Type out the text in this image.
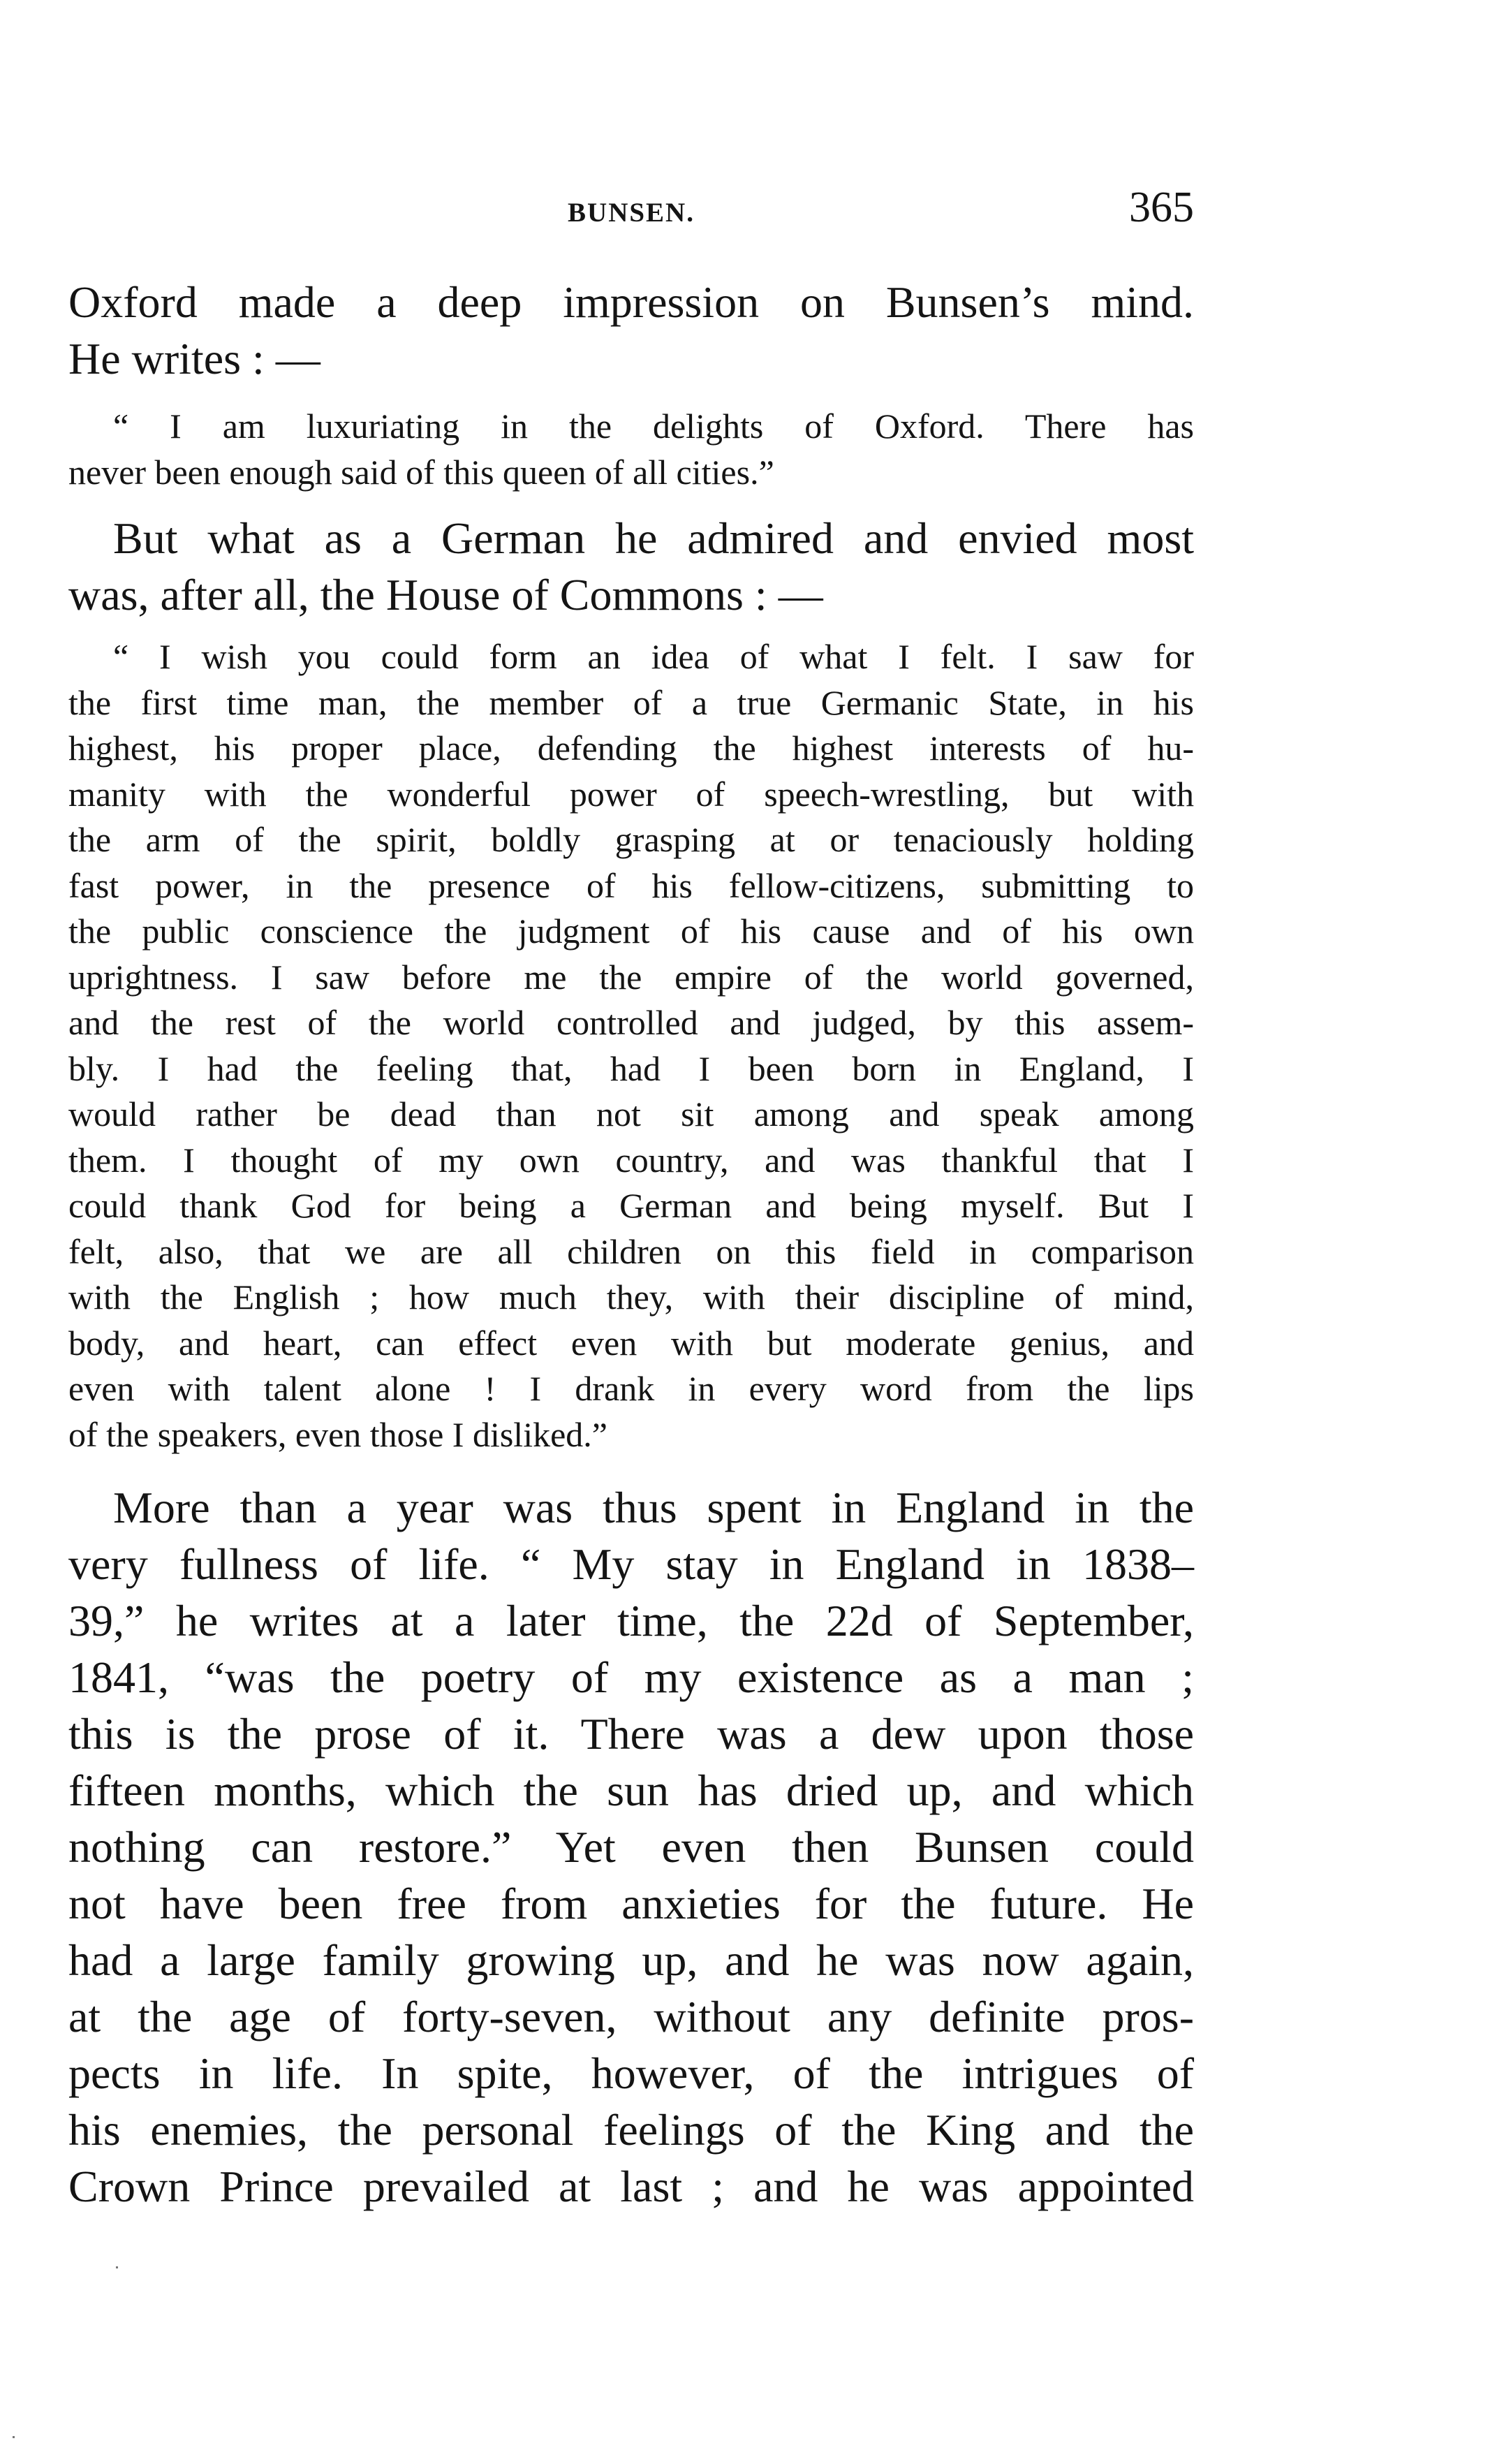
BUNSEN.	365
Oxford made a deep impression on Bunsen’s mind.
He writes : —
“ I am luxuriating in the delights of Oxford. There has
never been enough said of this queen of all cities.”
But what as a German he admired and envied most
was, after all, the House of Commons : —
“ I wish you could form an idea of what I felt. I saw for
the first time man, the member of a true Germanic State, in his
highest, his proper place, defending the highest interests of hu-
manity with the wonderful power of speech-wrestling, but with
the arm of the spirit, boldly grasping at or tenaciously holding
fast power, in the presence of his fellow-citizens, submitting to
the public conscience the judgment of his cause and of his own
uprightness. I saw before me the empire of the world governed,
and the rest of the world controlled and judged, by this assem-
bly. I had the feeling that, had I been born in England, I
would rather be dead than not sit among and speak among
them. I thought of my own country, and was thankful that I
could thank God for being a German and being myself. But I
felt, also, that we are all children on this field in comparison
with the English ; how much they, with their discipline of mind,
body, and heart, can effect even with but moderate genius, and
even with talent alone ! I drank in every word from the lips
of the speakers, even those I disliked.”
More than a year was thus spent in England in the
very fullness of life. “ My stay in England in 1838–
39,” he writes at a later time, the 22d of September,
1841, “was the poetry of my existence as a man ;
this is the prose of it. There was a dew upon those
fifteen months, which the sun has dried up, and which
nothing can restore.” Yet even then Bunsen could
not have been free from anxieties for the future. He
had a large family growing up, and he was now again,
at the age of forty-seven, without any definite pros-
pects in life. In spite, however, of the intrigues of
his enemies, the personal feelings of the King and the
Crown Prince prevailed at last ; and he was appointed
